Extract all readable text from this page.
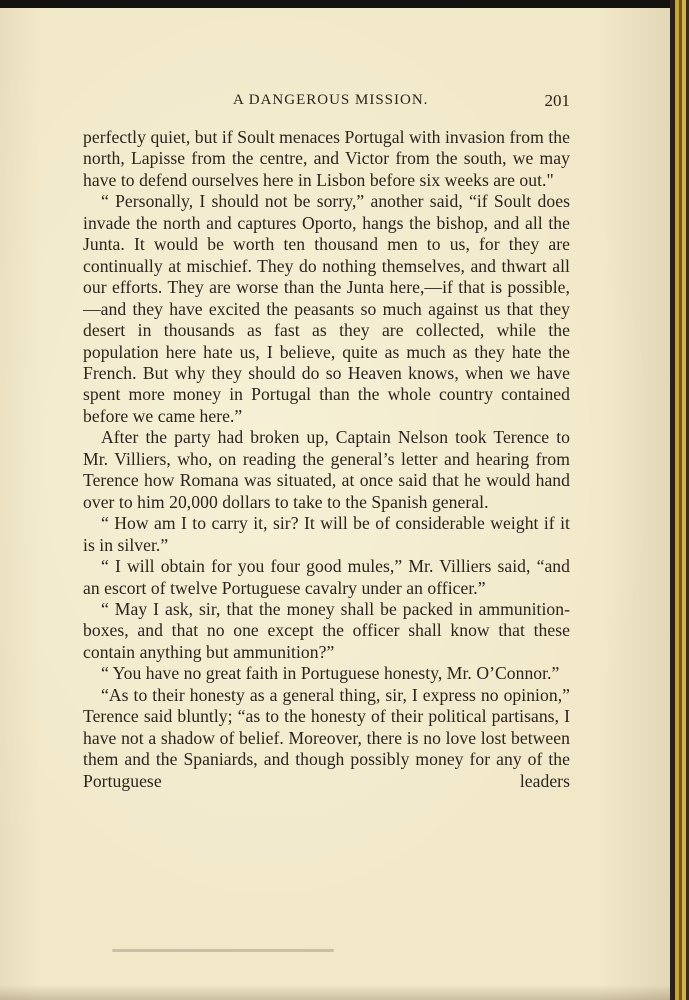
A DANGEROUS MISSION.	201

perfectly quiet, but if Soult menaces Portugal with invasion from the north, Lapisse from the centre, and Victor from the south, we may have to defend ourselves here in Lisbon before six weeks are out."

“ Personally, I should not be sorry,” another said, “if Soult does invade the north and captures Oporto, hangs the bishop, and all the Junta. It would be worth ten thousand men to us, for they are continually at mischief. They do nothing themselves, and thwart all our efforts. They are worse than the Junta here,—if that is possible,—and they have excited the peasants so much against us that they desert in thousands as fast as they are collected, while the population here hate us, I believe, quite as much as they hate the French. But why they should do so Heaven knows, when we have spent more money in Portugal than the whole country contained before we came here.”

After the party had broken up, Captain Nelson took Terence to Mr. Villiers, who, on reading the general’s letter and hearing from Terence how Romana was situated, at once said that he would hand over to him 20,000 dollars to take to the Spanish general.

“ How am I to carry it, sir? It will be of considerable weight if it is in silver.”

“ I will obtain for you four good mules,” Mr. Villiers said, “and an escort of twelve Portuguese cavalry under an officer.”

“ May I ask, sir, that the money shall be packed in ammunition-boxes, and that no one except the officer shall know that these contain anything but ammunition?”

“ You have no great faith in Portuguese honesty, Mr. O’Connor.”

“As to their honesty as a general thing, sir, I express no opinion,” Terence said bluntly; “as to the honesty of their political partisans, I have not a shadow of belief. Moreover, there is no love lost between them and the Spaniards, and though possibly money for any of the Portuguese leaders
